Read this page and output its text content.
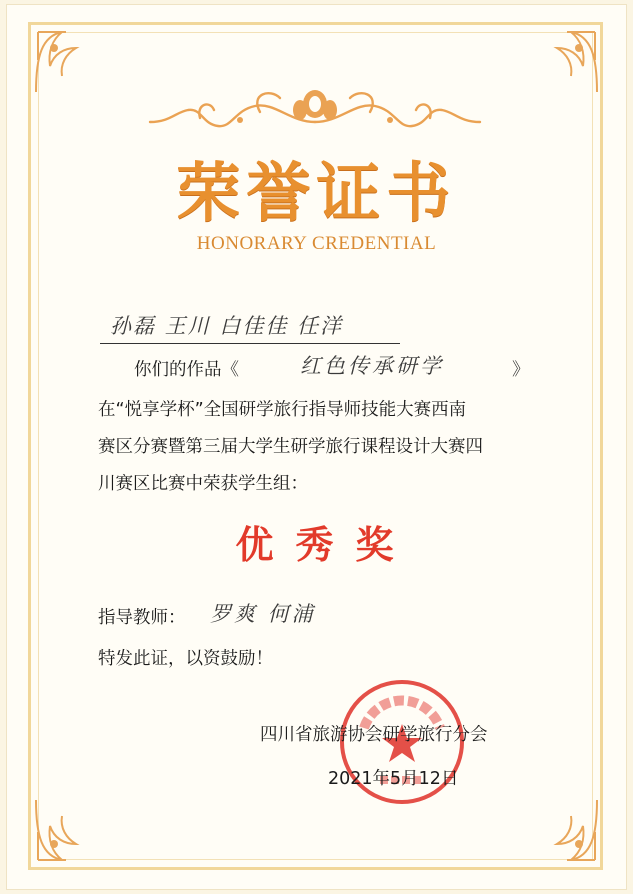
荣誉证书
HONORARY CREDENTIAL
孙磊 王川 白佳佳 任洋
你们的作品《	红色传承研学	》
在“悦享学杯”全国研学旅行指导师技能大赛西南
赛区分赛暨第三届大学生研学旅行课程设计大赛四
川赛区比赛中荣获学生组：
优秀奖
指导教师： 罗爽 何浦
特发此证，以资鼓励！
四川省旅游协会研学旅行分会
2021年5月12日
